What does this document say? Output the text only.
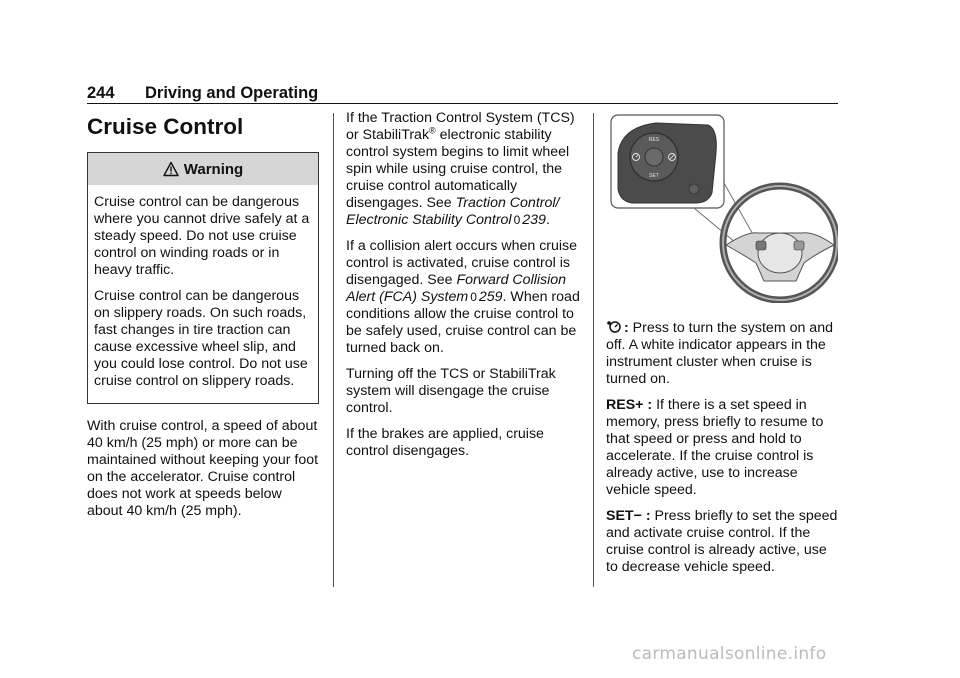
244 Driving and Operating
Cruise Control
Warning

Cruise control can be dangerous where you cannot drive safely at a steady speed. Do not use cruise control on winding roads or in heavy traffic.

Cruise control can be dangerous on slippery roads. On such roads, fast changes in tire traction can cause excessive wheel slip, and you could lose control. Do not use cruise control on slippery roads.

With cruise control, a speed of about 40 km/h (25 mph) or more can be maintained without keeping your foot on the accelerator. Cruise control does not work at speeds below about 40 km/h (25 mph).

If the Traction Control System (TCS) or StabiliTrak® electronic stability control system begins to limit wheel spin while using cruise control, the cruise control automatically disengages. See Traction Control/ Electronic Stability Control 0 239.

If a collision alert occurs when cruise control is activated, cruise control is disengaged. See Forward Collision Alert (FCA) System 0 259. When road conditions allow the cruise control to be safely used, cruise control can be turned back on.

Turning off the TCS or StabiliTrak system will disengage the cruise control.

If the brakes are applied, cruise control disengages.

RES
SET

: Press to turn the system on and off. A white indicator appears in the instrument cluster when cruise is turned on.

RES+ : If there is a set speed in memory, press briefly to resume to that speed or press and hold to accelerate. If the cruise control is already active, use to increase vehicle speed.

SET− : Press briefly to set the speed and activate cruise control. If the cruise control is already active, use to decrease vehicle speed.

carmanualsonline.info
